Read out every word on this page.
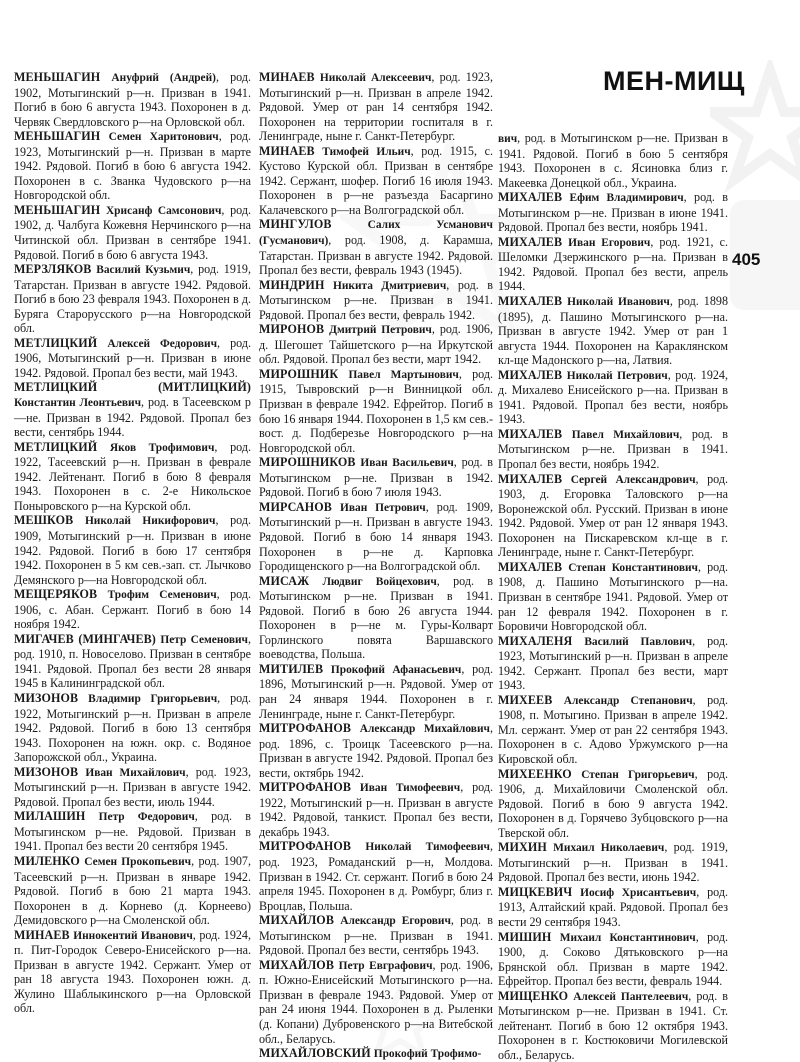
МЕН-МИЩ
405

МЕНЬШАГИН Ануфрий (Андрей), род. 1902, Мотыгинский р—н. Призван в 1941. Погиб в бою 6 августа 1943. Похоронен в д. Червяк Свердловского р—на Орловской обл.

МЕНЬШАГИН Семен Харитонович, род. 1923, Мотыгинский р—н. Призван в марте 1942. Рядовой. Погиб в бою 6 августа 1942. Похоронен в с. Званка Чудовского р—на Новгородской обл.

МЕНЬШАГИН Хрисанф Самсонович, род. 1902, д. Чалбуга Кожевня Нерчинского р—на Читинской обл. Призван в сентябре 1941. Рядовой. Погиб в бою 6 августа 1943.

МЕРЗЛЯКОВ Василий Кузьмич, род. 1919, Татарстан. Призван в августе 1942. Рядовой. Погиб в бою 23 февраля 1943. Похоронен в д. Буряга Старорусского р—на Новгородской обл.

МЕТЛИЦКИЙ Алексей Федорович, род. 1906, Мотыгинский р—н. Призван в июне 1942. Рядовой. Пропал без вести, май 1943.

МЕТЛИЦКИЙ (МИТЛИЦКИЙ) Константин Леонтьевич, род. в Тасеевском р—не. Призван в 1942. Рядовой. Пропал без вести, сентябрь 1944.

МЕТЛИЦКИЙ Яков Трофимович, род. 1922, Тасеевский р—н. Призван в феврале 1942. Лейтенант. Погиб в бою 8 февраля 1943. Похоронен в с. 2-е Никольское Поныровского р—на Курской обл.

МЕШКОВ Николай Никифорович, род. 1909, Мотыгинский р—н. Призван в июне 1942. Рядовой. Погиб в бою 17 сентября 1942. Похоронен в 5 км сев.-зап. ст. Лычково Демянского р—на Новгородской обл.

МЕЩЕРЯКОВ Трофим Семенович, род. 1906, с. Абан. Сержант. Погиб в бою 14 ноября 1942.

МИГАЧЕВ (МИНГАЧЕВ) Петр Семенович, род. 1910, п. Новоселово. Призван в сентябре 1941. Рядовой. Пропал без вести 28 января 1945 в Калининградской обл.

МИЗОНОВ Владимир Григорьевич, род. 1922, Мотыгинский р—н. Призван в апреле 1942. Рядовой. Погиб в бою 13 сентября 1943. Похоронен на южн. окр. с. Водяное Запорожской обл., Украина.

МИЗОНОВ Иван Михайлович, род. 1923, Мотыгинский р—н. Призван в августе 1942. Рядовой. Пропал без вести, июль 1944.

МИЛАШИН Петр Федорович, род. в Мотыгинском р—не. Рядовой. Призван в 1941. Пропал без вести 20 сентября 1945.

МИЛЕНКО Семен Прокопьевич, род. 1907, Тасеевский р—н. Призван в январе 1942. Рядовой. Погиб в бою 21 марта 1943. Похоронен в д. Корнево (д. Корнеево) Демидовского р—на Смоленской обл.

МИНАЕВ Иннокентий Иванович, род. 1924, п. Пит-Городок Северо-Енисейского р—на. Призван в августе 1942. Сержант. Умер от ран 18 августа 1943. Похоронен южн. д. Жулино Шаблыкинского р—на Орловской обл.

МИНАЕВ Николай Алексеевич, род. 1923, Мотыгинский р—н. Призван в апреле 1942. Рядовой. Умер от ран 14 сентября 1942. Похоронен на территории госпиталя в г. Ленинграде, ныне г. Санкт-Петербург.

МИНАЕВ Тимофей Ильич, род. 1915, с. Кустово Курской обл. Призван в сентябре 1942. Сержант, шофер. Погиб 16 июля 1943. Похоронен в р—не разъезда Басаргино Калачевского р—на Волгоградской обл.

МИНГУЛОВ	Салих Усманович (Гусманович), род. 1908, д. Карамша, Татарстан. Призван в августе 1942. Рядовой. Пропал без вести, февраль 1943 (1945).

МИНДРИН Никита Дмитриевич, род. в Мотыгинском р—не. Призван в 1941. Рядовой. Пропал без вести, февраль 1942.

МИРОНОВ Дмитрий Петрович, род. 1906, д. Шегошет Тайшетского р—на Иркутской обл. Рядовой. Пропал без вести, март 1942.

МИРОШНИК Павел Мартынович, род. 1915, Тывровский р—н Винницкой обл. Призван в феврале 1942. Ефрейтор. Погиб в бою 16 января 1944. Похоронен в 1,5 км сев.-вост. д. Подберезье Новгородского р—на Новгородской обл.

МИРОШНИКОВ Иван Васильевич, род. в Мотыгинском р—не. Призван в 1942. Рядовой. Погиб в бою 7 июля 1943.

МИРСАНОВ Иван Петрович, род. 1909, Мотыгинский р—н. Призван в августе 1943. Рядовой. Погиб в бою 14 января 1943. Похоронен в р—не д. Карповка Городищенского р—на Волгоградской обл.

МИСАЖ Людвиг Войцехович, род. в Мотыгинском р—не. Призван в 1941. Рядовой. Погиб в бою 26 августа 1944. Похоронен в р—не м. Гуры-Колварт Горлинского повята Варшавского воеводства, Польша.

МИТИЛЕВ Прокофий Афанасьевич, род. 1896, Мотыгинский р—н. Рядовой. Умер от ран 24 января 1944. Похоронен в г. Ленинграде, ныне г. Санкт-Петербург.

МИТРОФАНОВ Александр Михайлович, род. 1896, с. Троицк Тасеевского р—на. Призван в августе 1942. Рядовой. Пропал без вести, октябрь 1942.

МИТРОФАНОВ Иван Тимофеевич, род. 1922, Мотыгинский р—н. Призван в августе 1942. Рядовой, танкист. Пропал без вести, декабрь 1943.

МИТРОФАНОВ Николай Тимофеевич, род. 1923, Ромаданский р—н, Молдова. Призван в 1942. Ст. сержант. Погиб в бою 24 апреля 1945. Похоронен в д. Ромбург, близ г. Вроцлав, Польша.

МИХАЙЛОВ Александр Егорович, род. в Мотыгинском р—не. Призван в 1941. Рядовой. Пропал без вести, сентябрь 1943.

МИХАЙЛОВ Петр Евграфович, род. 1906, п. Южно-Енисейский Мотыгинского р—на. Призван в феврале 1943. Рядовой. Умер от ран 24 июня 1944. Похоронен в д. Рыленки (д. Копани) Дубровенского р—на Витебской обл., Беларусь.

МИХАЙЛОВСКИЙ Прокофий Трофимо-

вич, род. в Мотыгинском р—не. Призван в 1941. Рядовой. Погиб в бою 5 сентября 1943. Похоронен в с. Ясиновка близ г. Макеевка Донецкой обл., Украина.

МИХАЛЕВ Ефим Владимирович, род. в Мотыгинском р—не. Призван в июне 1941. Рядовой. Пропал без вести, ноябрь 1941.

МИХАЛЕВ Иван Егорович, род. 1921, с. Шеломки Дзержинского р—на. Призван в 1942. Рядовой. Пропал без вести, апрель 1944.

МИХАЛЕВ Николай Иванович, род. 1898 (1895), д. Пашино Мотыгинского р—на. Призван в августе 1942. Умер от ран 1 августа 1944. Похоронен на Караклянском кл-ще Мадонского р—на, Латвия.

МИХАЛЕВ Николай Петрович, род. 1924, д. Михалево Енисейского р—на. Призван в 1941. Рядовой. Пропал без вести, ноябрь 1943.

МИХАЛЕВ Павел Михайлович, род. в Мотыгинском р—не. Призван в 1941. Пропал без вести, ноябрь 1942.

МИХАЛЕВ Сергей Александрович, род. 1903, д. Егоровка Таловского р—на Воронежской обл. Русский. Призван в июне 1942. Рядовой. Умер от ран 12 января 1943. Похоронен на Пискаревском кл-ще в г. Ленинграде, ныне г. Санкт-Петербург.

МИХАЛЕВ Степан Константинович, род. 1908, д. Пашино Мотыгинского р—на. Призван в сентябре 1941. Рядовой. Умер от ран 12 февраля 1942. Похоронен в г. Боровичи Новгородской обл.

МИХАЛЕНЯ Василий Павлович, род. 1923, Мотыгинский р—н. Призван в апреле 1942. Сержант. Пропал без вести, март 1943.

МИХЕЕВ Александр Степанович, род. 1908, п. Мотыгино. Призван в апреле 1942. Мл. сержант. Умер от ран 22 сентября 1943. Похоронен в с. Адово Уржумского р—на Кировской обл.

МИХЕЕНКО Степан Григорьевич, род. 1906, д. Михайловичи Смоленской обл. Рядовой. Погиб в бою 9 августа 1942. Похоронен в д. Горячево Зубцовского р—на Тверской обл.

МИХИН Михаил Николаевич, род. 1919, Мотыгинский р—н. Призван в 1941. Рядовой. Пропал без вести, июнь 1942.

МИЦКЕВИЧ Иосиф Хрисантьевич, род. 1913, Алтайский край. Рядовой. Пропал без вести 29 сентября 1943.

МИШИН Михаил Константинович, род. 1900, д. Соково Дятьковского р—на Брянской обл. Призван в марте 1942. Ефрейтор. Пропал без вести, февраль 1944.

МИЩЕНКО Алексей Пантелеевич, род. в Мотыгинском р—не. Призван в 1941. Ст. лейтенант. Погиб в бою 12 октября 1943. Похоронен в г. Костюковичи Могилевской обл., Беларусь.
